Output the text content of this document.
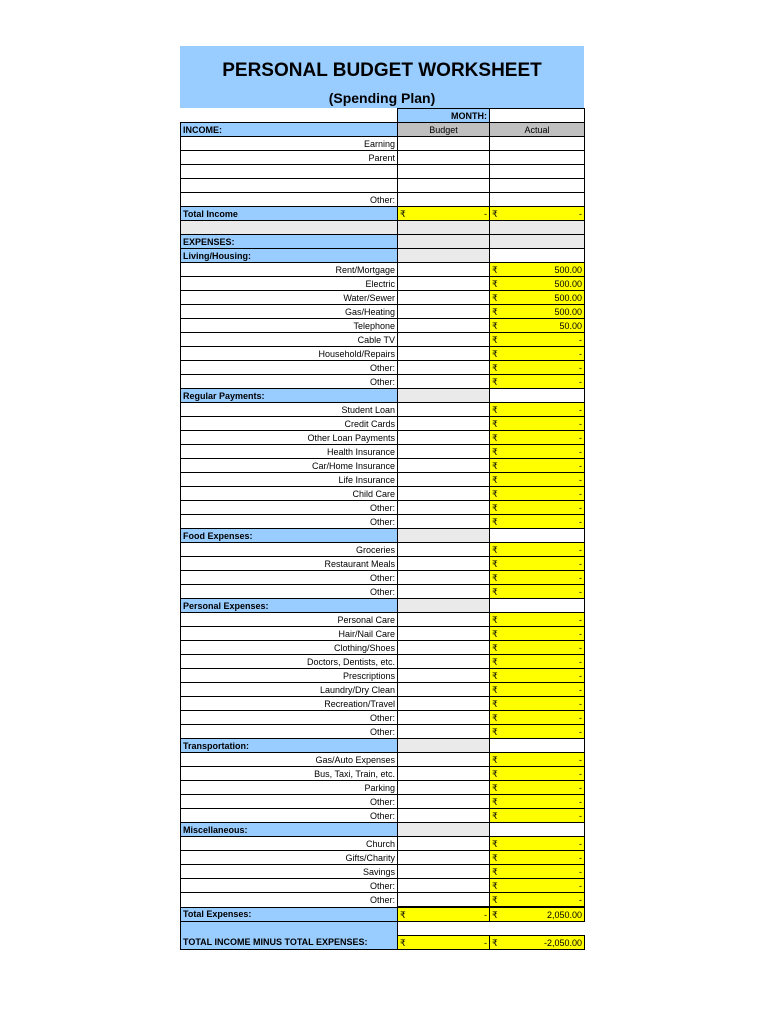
PERSONAL BUDGET WORKSHEET
(Spending Plan)
	MONTH:	
INCOME:	Budget	Actual
Earning		
Parent		

Other:		
Total Income	₹ -	₹ -

EXPENSES:		
Living/Housing:		
Rent/Mortgage		₹ 500.00

Electric		₹ 500.00

Water/Sewer		₹ 500.00

Gas/Heating		₹ 500.00

Telephone		₹ 50.00

Cable TV		₹ -

Household/Repairs		₹ -

Other:		₹ -

Other:		₹ -

Regular Payments:		
Student Loan		₹ -

Credit Cards		₹ -

Other Loan Payments		₹ -

Health Insurance		₹ -

Car/Home Insurance		₹ -

Life Insurance		₹ -

Child Care		₹ -

Other:		₹ -

Other:		₹ -

Food Expenses:		
Groceries		₹ -

Restaurant Meals		₹ -

Other:		₹ -

Other:		₹ -

Personal Expenses:		
Personal Care		₹ -

Hair/Nail Care		₹ -

Clothing/Shoes		₹ -

Doctors, Dentists, etc.		₹ -

Prescriptions		₹ -

Laundry/Dry Clean		₹ -

Recreation/Travel		₹ -

Other:		₹ -

Other:		₹ -

Transportation:		
Gas/Auto Expenses		₹ -

Bus, Taxi, Train, etc.		₹ -

Parking		₹ -

Other:		₹ -

Other:		₹ -

Miscellaneous:		
Church		₹ -

Gifts/Charity		₹ -

Savings		₹ -

Other:		₹ -

Other:		₹ -

Total Expenses:	₹ -	₹ 2,050.00

TOTAL INCOME MINUS TOTAL EXPENSES:	₹ -	₹ -2,050.00
